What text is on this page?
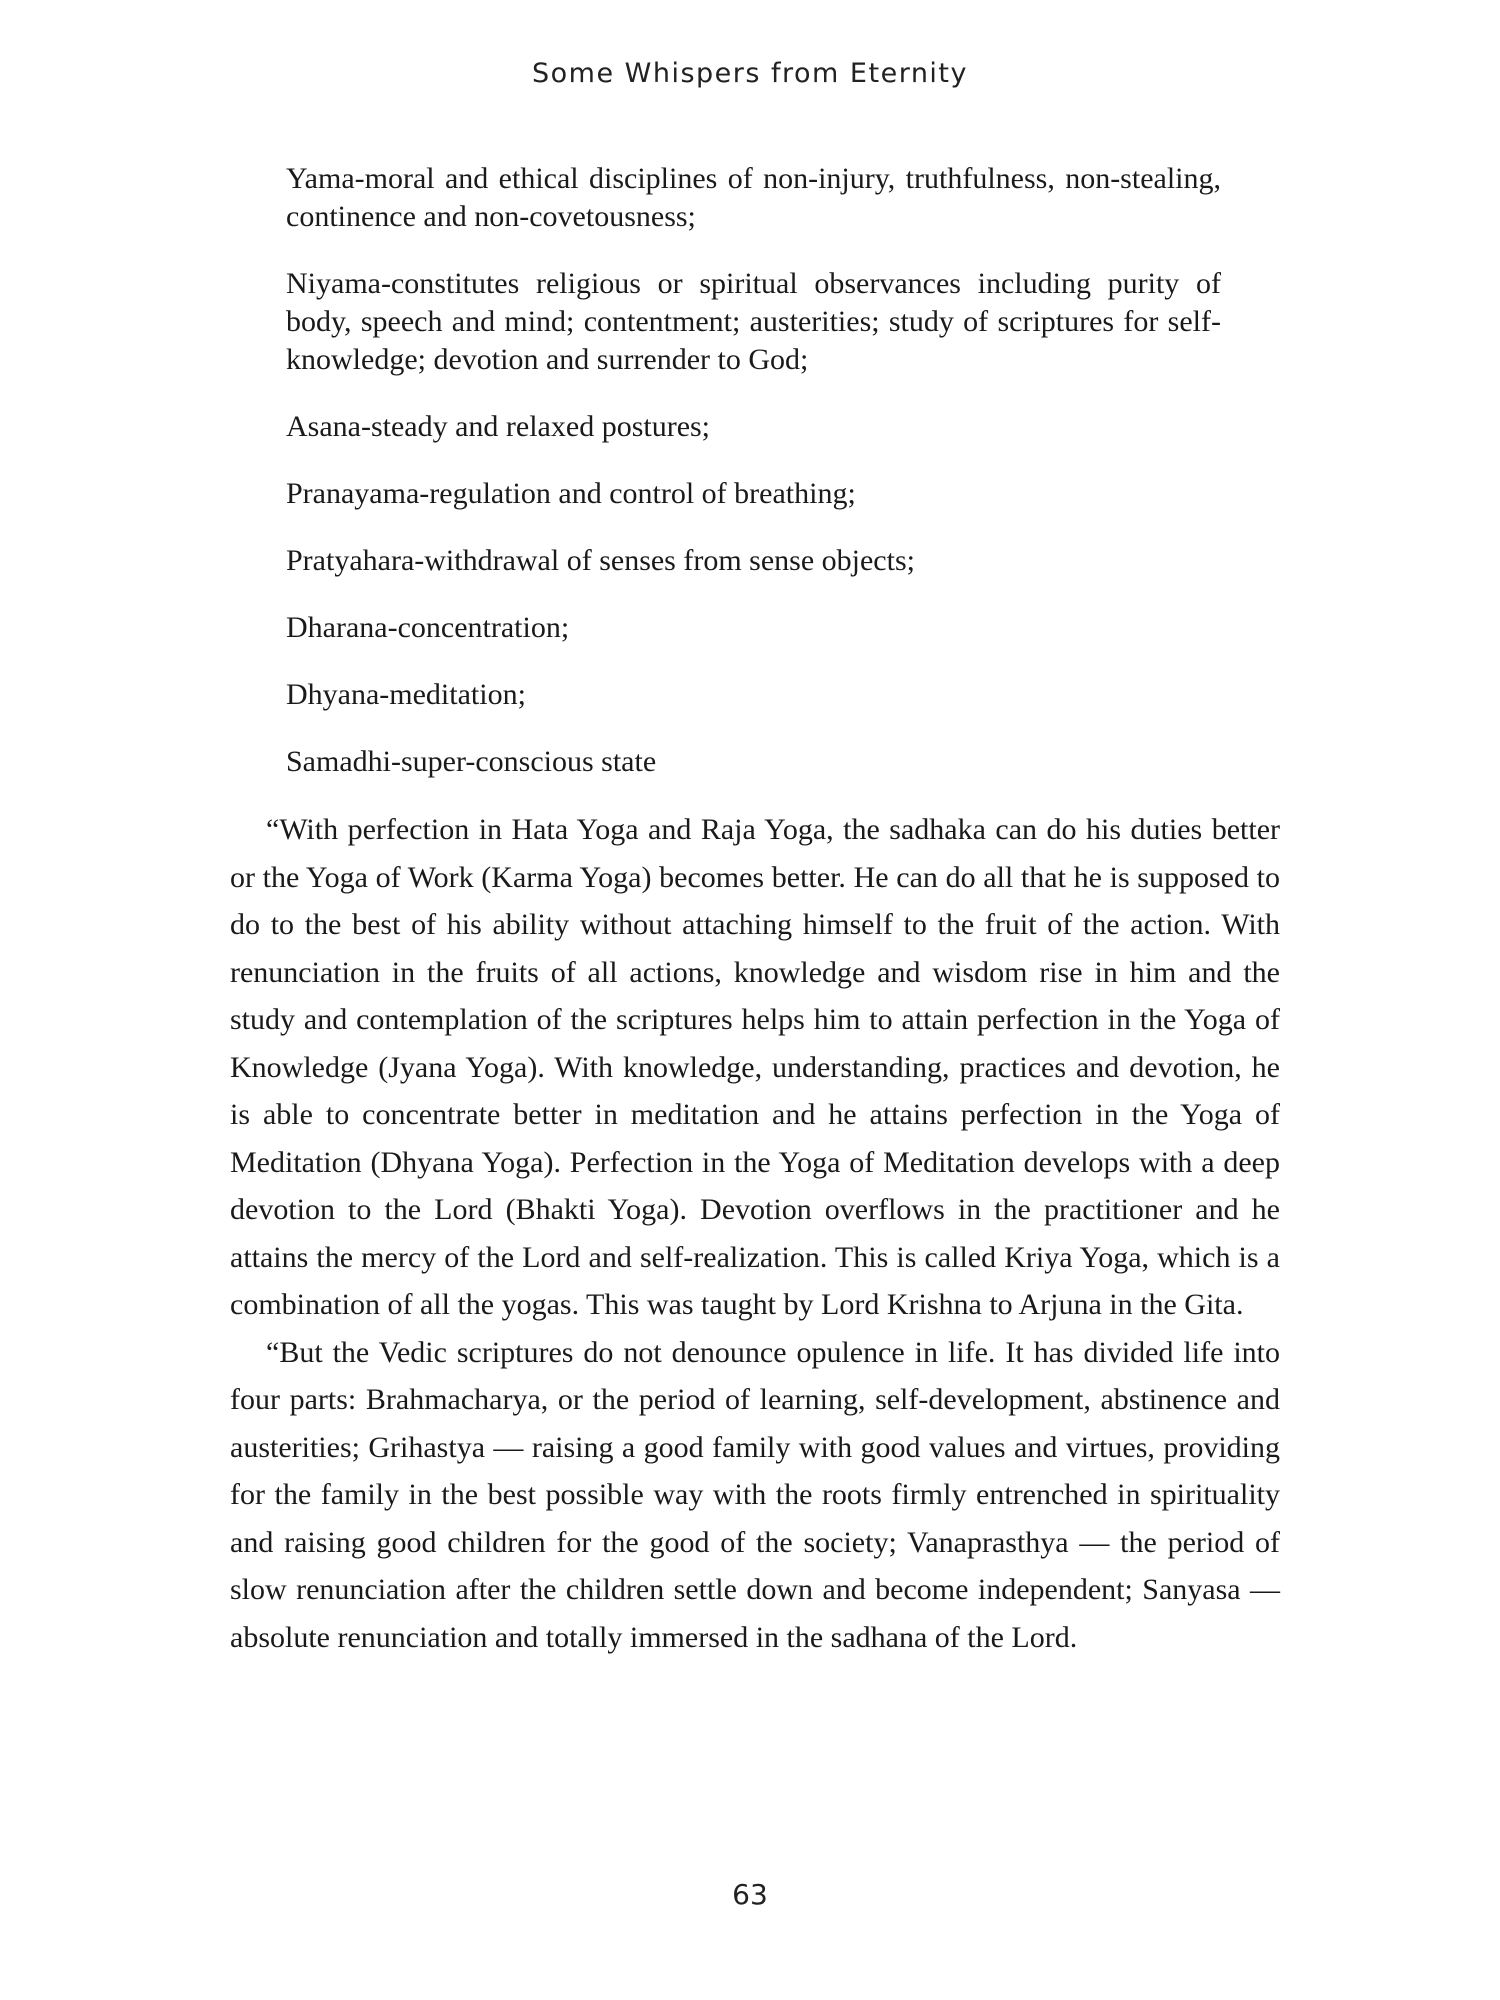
Some Whispers from Eternity
Yama-moral and ethical disciplines of non-injury, truthfulness, non-stealing, continence and non-covetousness;
Niyama-constitutes religious or spiritual observances including purity of body, speech and mind; contentment; austerities; study of scriptures for self-knowledge; devotion and surrender to God;
Asana-steady and relaxed postures;
Pranayama-regulation and control of breathing;
Pratyahara-withdrawal of senses from sense objects;
Dharana-concentration;
Dhyana-meditation;
Samadhi-super-conscious state

“With perfection in Hata Yoga and Raja Yoga, the sadhaka can do his duties better or the Yoga of Work (Karma Yoga) becomes better. He can do all that he is supposed to do to the best of his ability without attaching himself to the fruit of the action. With renunciation in the fruits of all actions, knowledge and wisdom rise in him and the study and contemplation of the scriptures helps him to attain perfection in the Yoga of Knowledge (Jyana Yoga). With knowledge, understanding, practices and devotion, he is able to concentrate better in meditation and he attains perfection in the Yoga of Meditation (Dhyana Yoga). Perfection in the Yoga of Meditation develops with a deep devotion to the Lord (Bhakti Yoga). Devotion overflows in the practitioner and he attains the mercy of the Lord and self-realization. This is called Kriya Yoga, which is a combination of all the yogas. This was taught by Lord Krishna to Arjuna in the Gita.

“But the Vedic scriptures do not denounce opulence in life. It has divided life into four parts: Brahmacharya, or the period of learning, self-development, abstinence and austerities; Grihastya — raising a good family with good values and virtues, providing for the family in the best possible way with the roots firmly entrenched in spirituality and raising good children for the good of the society; Vanaprasthya — the period of slow renunciation after the children settle down and become independent; Sanyasa — absolute renunciation and totally immersed in the sadhana of the Lord.

63
